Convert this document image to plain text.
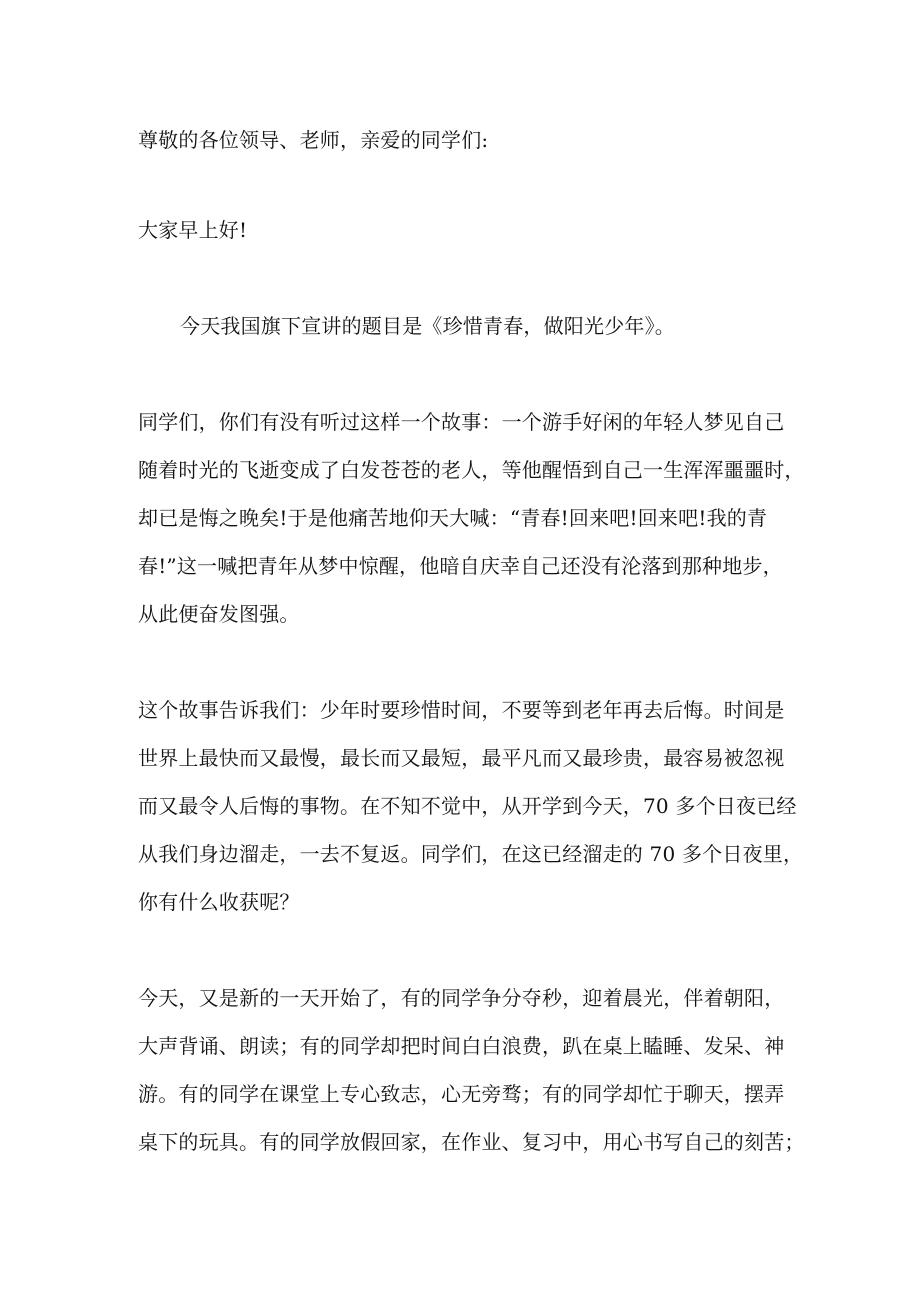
尊敬的各位领导、老师，亲爱的同学们:
大家早上好!
今天我国旗下宣讲的题目是《珍惜青春，做阳光少年》。
同学们，你们有没有听过这样一个故事：一个游手好闲的年轻人梦见自己
随着时光的飞逝变成了白发苍苍的老人，等他醒悟到自己一生浑浑噩噩时，
却已是悔之晚矣!于是他痛苦地仰天大喊：“青春!回来吧!回来吧!我的青
春!”这一喊把青年从梦中惊醒，他暗自庆幸自己还没有沦落到那种地步，
从此便奋发图强。
这个故事告诉我们：少年时要珍惜时间，不要等到老年再去后悔。时间是
世界上最快而又最慢，最长而又最短，最平凡而又最珍贵，最容易被忽视
而又最令人后悔的事物。在不知不觉中，从开学到今天，70 多个日夜已经
从我们身边溜走，一去不复返。同学们，在这已经溜走的 70 多个日夜里，
你有什么收获呢？
今天，又是新的一天开始了，有的同学争分夺秒，迎着晨光，伴着朝阳，
大声背诵、朗读；有的同学却把时间白白浪费，趴在桌上瞌睡、发呆、神
游。有的同学在课堂上专心致志，心无旁骛；有的同学却忙于聊天，摆弄
桌下的玩具。有的同学放假回家，在作业、复习中，用心书写自己的刻苦；
